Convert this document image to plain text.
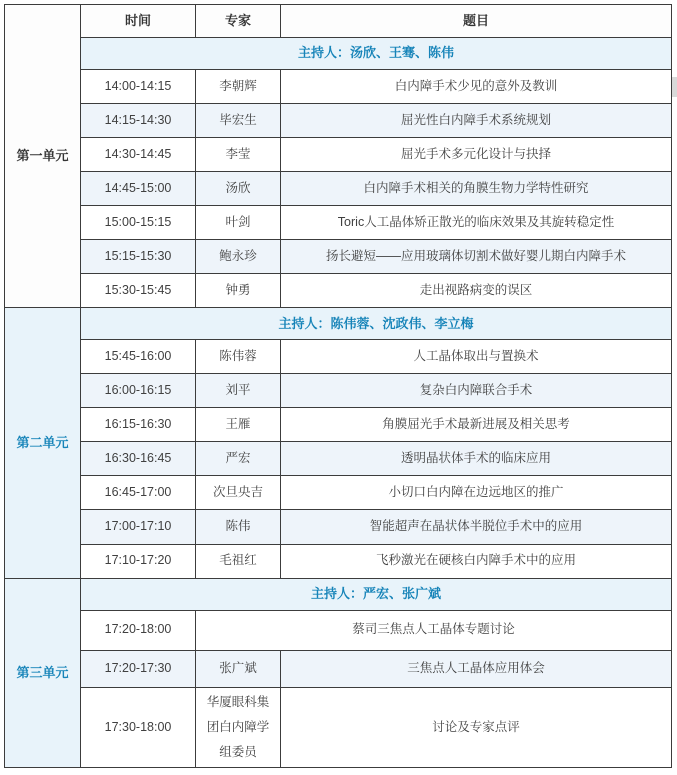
第一单元	时间	专家	题目
	主持人：汤欣、王骞、陈伟		
	14:00-14:15	李朝辉	白内障手术少见的意外及教训
	14:15-14:30	毕宏生	屈光性白内障手术系统规划
	14:30-14:45	李莹	屈光手术多元化设计与抉择
	14:45-15:00	汤欣	白内障手术相关的角膜生物力学特性研究
	15:00-15:15	叶剑	Toric人工晶体矫正散光的临床效果及其旋转稳定性
	15:15-15:30	鲍永珍	扬长避短——应用玻璃体切割术做好婴儿期白内障手术
	15:30-15:45	钟勇	走出视路病变的误区
第二单元	主持人：陈伟蓉、沈政伟、李立梅		
	15:45-16:00	陈伟蓉	人工晶体取出与置换术
	16:00-16:15	刘平	复杂白内障联合手术
	16:15-16:30	王雁	角膜屈光手术最新进展及相关思考
	16:30-16:45	严宏	透明晶状体手术的临床应用
	16:45-17:00	次旦央吉	小切口白内障在边远地区的推广
	17:00-17:10	陈伟	智能超声在晶状体半脱位手术中的应用
	17:10-17:20	毛祖红	飞秒激光在硬核白内障手术中的应用
第三单元	主持人：严宏、张广斌		
	17:20-18:00	蔡司三焦点人工晶体专题讨论	
	17:20-17:30	张广斌	三焦点人工晶体应用体会
	17:30-18:00	华厦眼科集团白内障学组委员	讨论及专家点评
